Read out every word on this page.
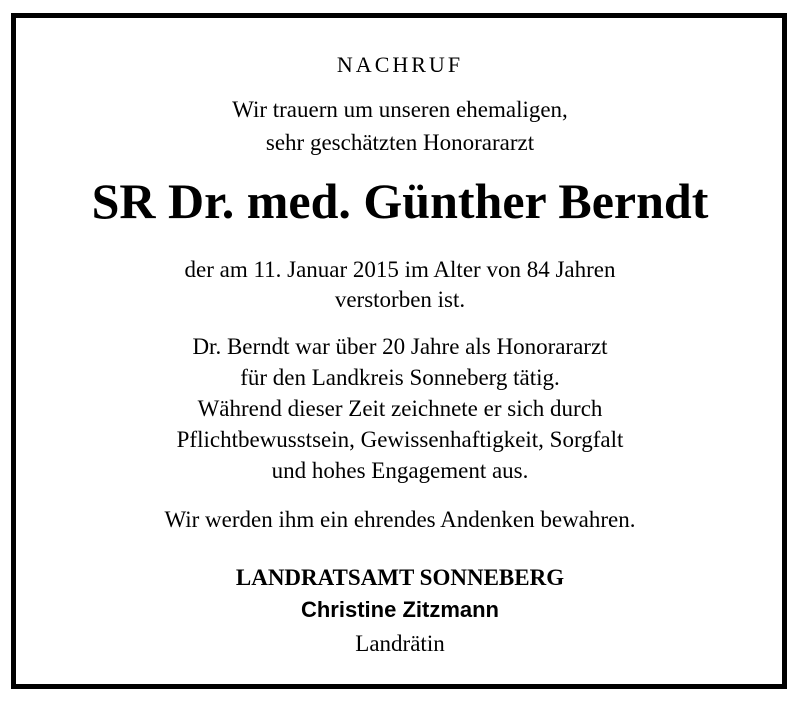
NACHRUF
Wir trauern um unseren ehemaligen,
sehr geschätzten Honorararzt
SR Dr. med. Günther Berndt
der am 11. Januar 2015 im Alter von 84 Jahren
verstorben ist.
Dr. Berndt war über 20 Jahre als Honorararzt
für den Landkreis Sonneberg tätig.
Während dieser Zeit zeichnete er sich durch
Pflichtbewusstsein, Gewissenhaftigkeit, Sorgfalt
und hohes Engagement aus.
Wir werden ihm ein ehrendes Andenken bewahren.
LANDRATSAMT SONNEBERG
Christine Zitzmann
Landrätin
